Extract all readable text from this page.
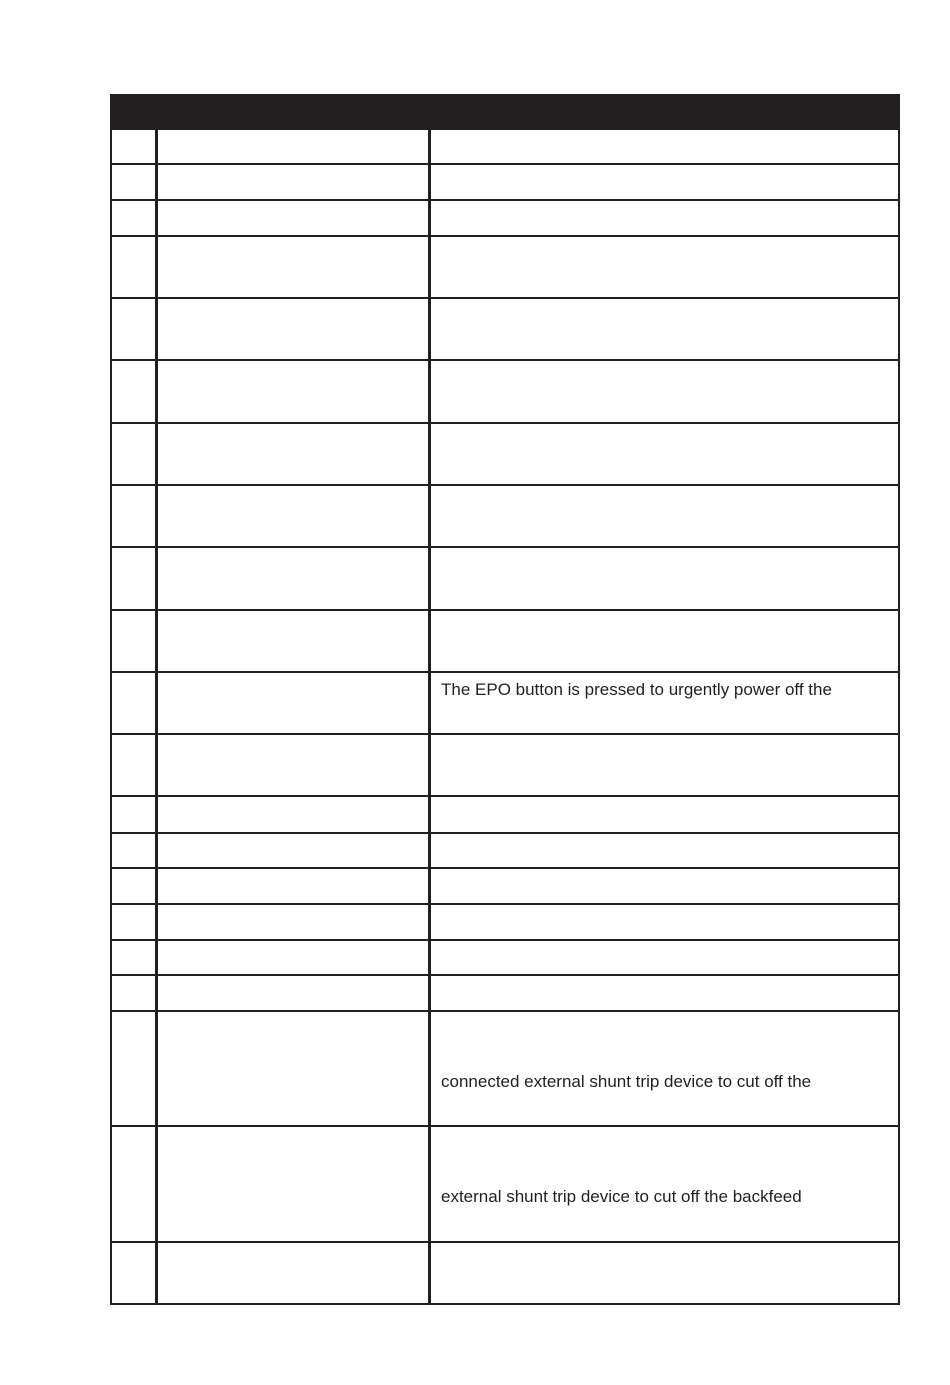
The EPO button is pressed to urgently power off the
connected external shunt trip device to cut off the
external shunt trip device to cut off the backfeed
